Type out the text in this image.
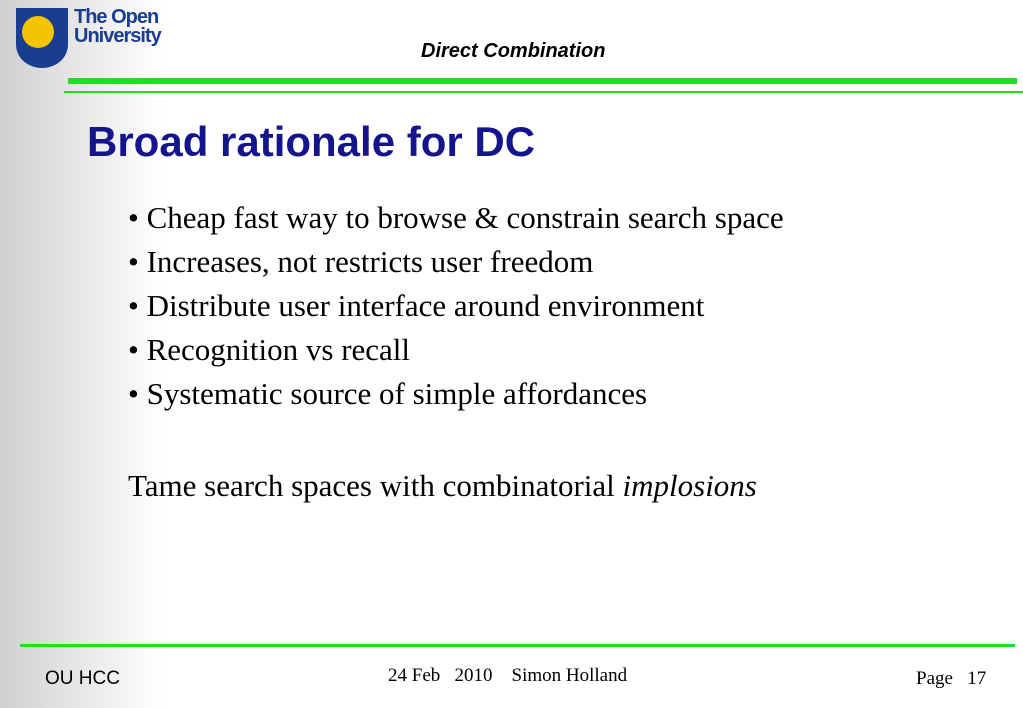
The Open
University
Direct Combination
Broad rationale for DC
• Cheap fast way to browse & constrain search space
• Increases, not restricts user freedom
• Distribute user interface around environment
• Recognition vs recall
• Systematic source of simple affordances
Tame search spaces with combinatorial implosions
OU HCC	24 Feb   2010    Simon Holland	Page 17
